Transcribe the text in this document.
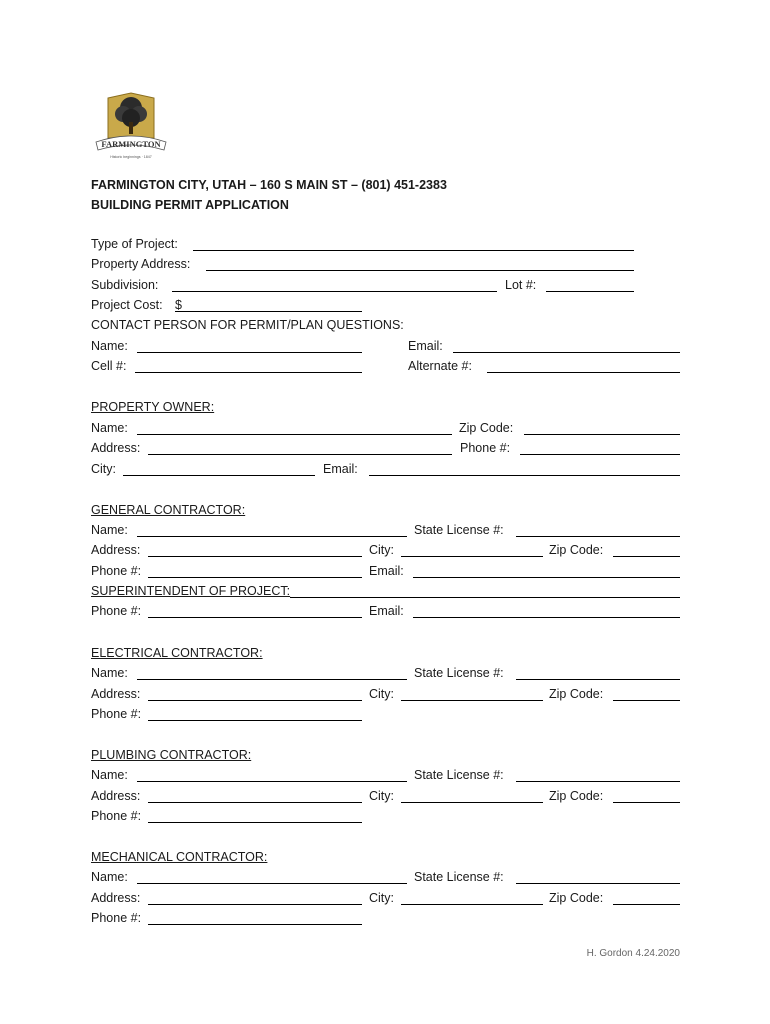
FARMINGTON
Historic beginnings · 1847
FARMINGTON CITY, UTAH – 160 S MAIN ST – (801) 451-2383
BUILDING PERMIT APPLICATION
Type of Project:
Property Address:
Subdivision:	Lot #:
Project Cost: $
CONTACT PERSON FOR PERMIT/PLAN QUESTIONS:
Name:	Email:
Cell #:	Alternate #:
PROPERTY OWNER:
Name:	Zip Code:
Address:	Phone #:
City:	Email:
GENERAL CONTRACTOR:
Name:	State License #:
Address:	City:	Zip Code:
Phone #:	Email:
SUPERINTENDENT OF PROJECT:
Phone #:	Email:
ELECTRICAL CONTRACTOR:
Name:	State License #:
Address:	City:	Zip Code:
Phone #:
PLUMBING CONTRACTOR:
Name:	State License #:
Address:	City:	Zip Code:
Phone #:
MECHANICAL CONTRACTOR:
Name:	State License #:
Address:	City:	Zip Code:
Phone #:
H. Gordon 4.24.2020
